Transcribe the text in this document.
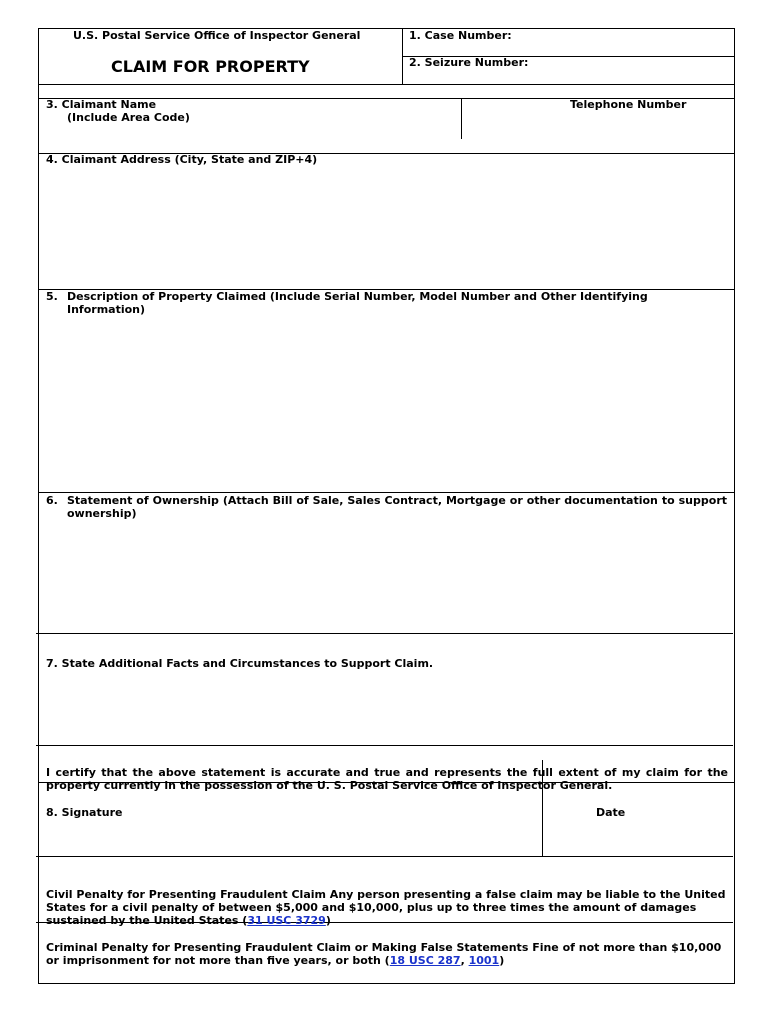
U.S. Postal Service Office of Inspector General
CLAIM FOR PROPERTY
1. Case Number:
2. Seizure Number:
3. Claimant Name
(Include Area Code)
Telephone Number
4. Claimant Address (City, State and ZIP+4)
5. Description of Property Claimed (Include Serial Number, Model Number and Other Identifying Information)
6. Statement of Ownership (Attach Bill of Sale, Sales Contract, Mortgage or other documentation to support ownership)
7. State Additional Facts and Circumstances to Support Claim.
I certify that the above statement is accurate and true and represents the full extent of my claim for the property currently in the possession of the U. S. Postal Service Office of Inspector General.
8. Signature	Date
Civil Penalty for Presenting Fraudulent Claim Any person presenting a false claim may be liable to the United States for a civil penalty of between $5,000 and $10,000, plus up to three times the amount of damages sustained by the United States (31 USC 3729)
Criminal Penalty for Presenting Fraudulent Claim or Making False Statements Fine of not more than $10,000 or imprisonment for not more than five years, or both (18 USC 287, 1001)
